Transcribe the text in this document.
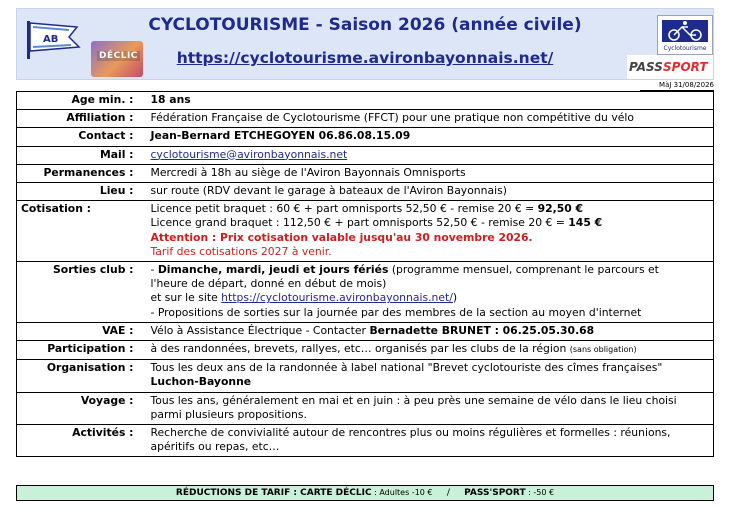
AB
DÉCLIC
CYCLOTOURISME - Saison 2026 (année civile)
https://cyclotourisme.avironbayonnais.net/
Cyclotourisme
PASS SPORT
MàJ 31/08/2026
Age min. :	18 ans
Affiliation :	Fédération Française de Cyclotourisme (FFCT) pour une pratique non compétitive du vélo
Contact :	Jean-Bernard ETCHEGOYEN 06.86.08.15.09
Mail :	cyclotourisme@avironbayonnais.net
Permanences :	Mercredi à 18h au siège de l'Aviron Bayonnais Omnisports
Lieu :	sur route (RDV devant le garage à bateaux de l'Aviron Bayonnais)
Cotisation :	Licence petit braquet : 60 € + part omnisports 52,50 € - remise 20 € = 92,50 €
Licence grand braquet : 112,50 € + part omnisports 52,50 € - remise 20 € = 145 €
Attention : Prix cotisation valable jusqu'au 30 novembre 2026.
Tarif des cotisations 2027 à venir.

Sorties club :	- Dimanche, mardi, jeudi et jours fériés (programme mensuel, comprenant le parcours et
l'heure de départ, donné en début de mois)
et sur le site https://cyclotourisme.avironbayonnais.net/)
- Propositions de sorties sur la journée par des membres de la section au moyen d'internet

VAE :	Vélo à Assistance Électrique - Contacter Bernadette BRUNET : 06.25.05.30.68
Participation :	à des randonnées, brevets, rallyes, etc… organisés par les clubs de la région (sans obligation)
Organisation :	Tous les deux ans de la randonnée à label national "Brevet cyclotouriste des cîmes françaises"
Luchon-Bayonne

Voyage :	Tous les ans, généralement en mai et en juin : à peu près une semaine de vélo dans le lieu choisi
parmi plusieurs propositions.

Activités :	Recherche de convivialité autour de rencontres plus ou moins régulières et formelles : réunions,
apéritifs ou repas, etc…
RÉDUCTIONS DE TARIF : CARTE DÉCLIC : Adultes -10 €     /     PASS'SPORT : -50 €
